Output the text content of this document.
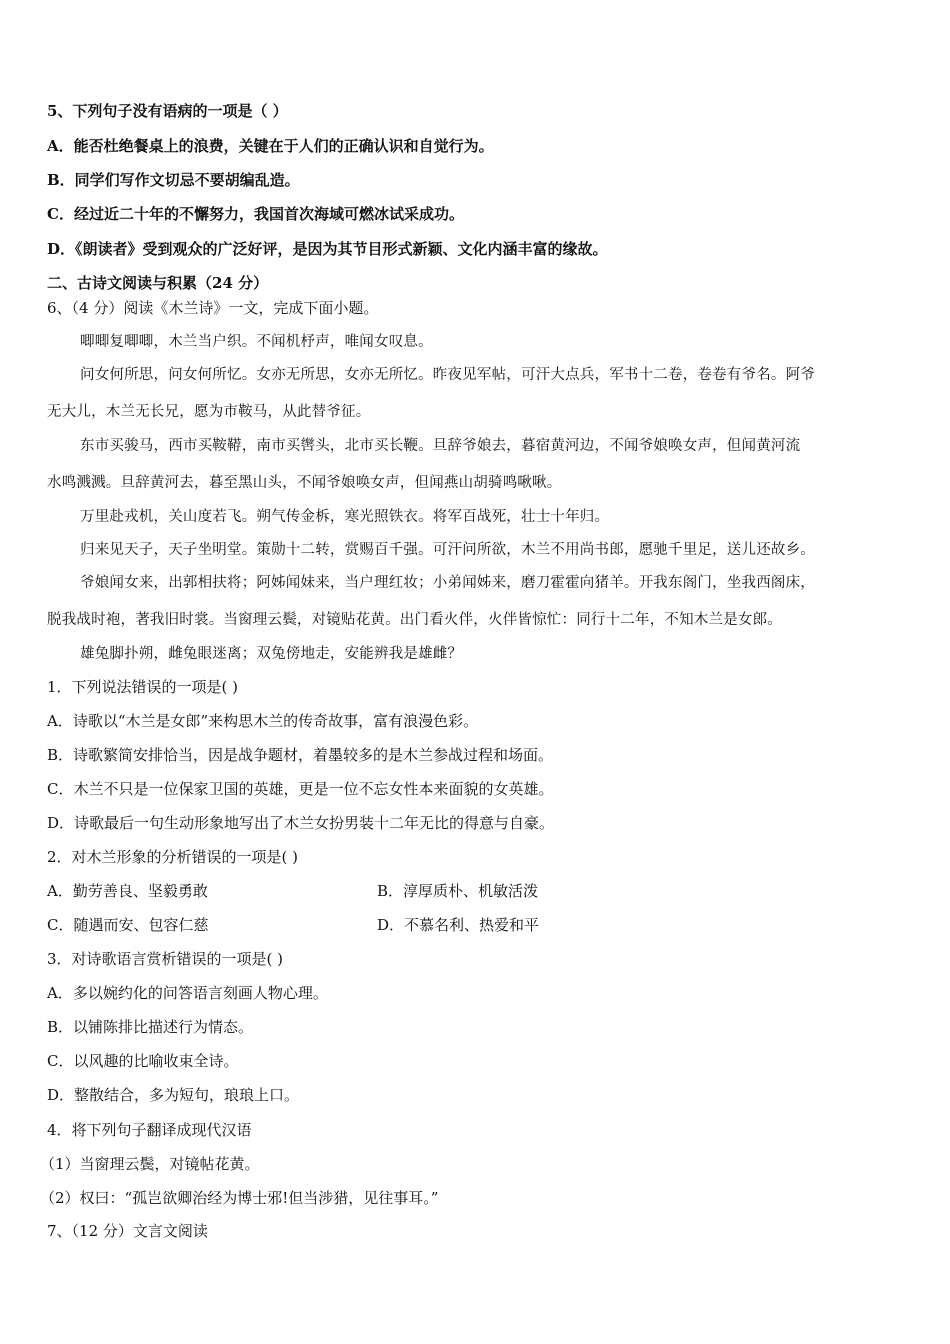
5、下列句子没有语病的一项是（ ）
A．能否杜绝餐桌上的浪费，关键在于人们的正确认识和自觉行为。
B．同学们写作文切忌不要胡编乱造。
C．经过近二十年的不懈努力，我国首次海域可燃冰试采成功。
D．《朗读者》受到观众的广泛好评，是因为其节目形式新颖、文化内涵丰富的缘故。
二、古诗文阅读与积累（24 分）
6、（4 分）阅读《木兰诗》一文，完成下面小题。
唧唧复唧唧，木兰当户织。不闻机杼声，唯闻女叹息。
问女何所思，问女何所忆。女亦无所思，女亦无所忆。昨夜见军帖，可汗大点兵，军书十二卷，卷卷有爷名。阿爷
无大儿，木兰无长兄，愿为市鞍马，从此替爷征。
东市买骏马，西市买鞍鞯，南市买辔头，北市买长鞭。旦辞爷娘去，暮宿黄河边，不闻爷娘唤女声，但闻黄河流
水鸣溅溅。旦辞黄河去，暮至黑山头，不闻爷娘唤女声，但闻燕山胡骑鸣啾啾。
万里赴戎机，关山度若飞。朔气传金柝，寒光照铁衣。将军百战死，壮士十年归。
归来见天子，天子坐明堂。策勋十二转，赏赐百千强。可汗问所欲，木兰不用尚书郎，愿驰千里足，送儿还故乡。
爷娘闻女来，出郭相扶将；阿姊闻妹来，当户理红妆；小弟闻姊来，磨刀霍霍向猪羊。开我东阁门，坐我西阁床，
脱我战时袍，著我旧时裳。当窗理云鬓，对镜贴花黄。出门看火伴，火伴皆惊忙：同行十二年，不知木兰是女郎。
雄兔脚扑朔，雌兔眼迷离；双兔傍地走，安能辨我是雄雌？
1．下列说法错误的一项是( )
A．诗歌以“木兰是女郎”来构思木兰的传奇故事，富有浪漫色彩。
B．诗歌繁简安排恰当，因是战争题材，着墨较多的是木兰参战过程和场面。
C．木兰不只是一位保家卫国的英雄，更是一位不忘女性本来面貌的女英雄。
D．诗歌最后一句生动形象地写出了木兰女扮男装十二年无比的得意与自豪。
2．对木兰形象的分析错误的一项是( )
A．勤劳善良、坚毅勇敢	B．淳厚质朴、机敏活泼
C．随遇而安、包容仁慈	D．不慕名利、热爱和平
3．对诗歌语言赏析错误的一项是( )
A．多以婉约化的问答语言刻画人物心理。
B．以铺陈排比描述行为情态。
C．以风趣的比喻收束全诗。
D．整散结合，多为短句，琅琅上口。
4．将下列句子翻译成现代汉语
（1）当窗理云鬓，对镜帖花黄。
（2）权曰：“孤岂欲卿治经为博士邪!但当涉猎，见往事耳。”
7、（12 分）文言文阅读
